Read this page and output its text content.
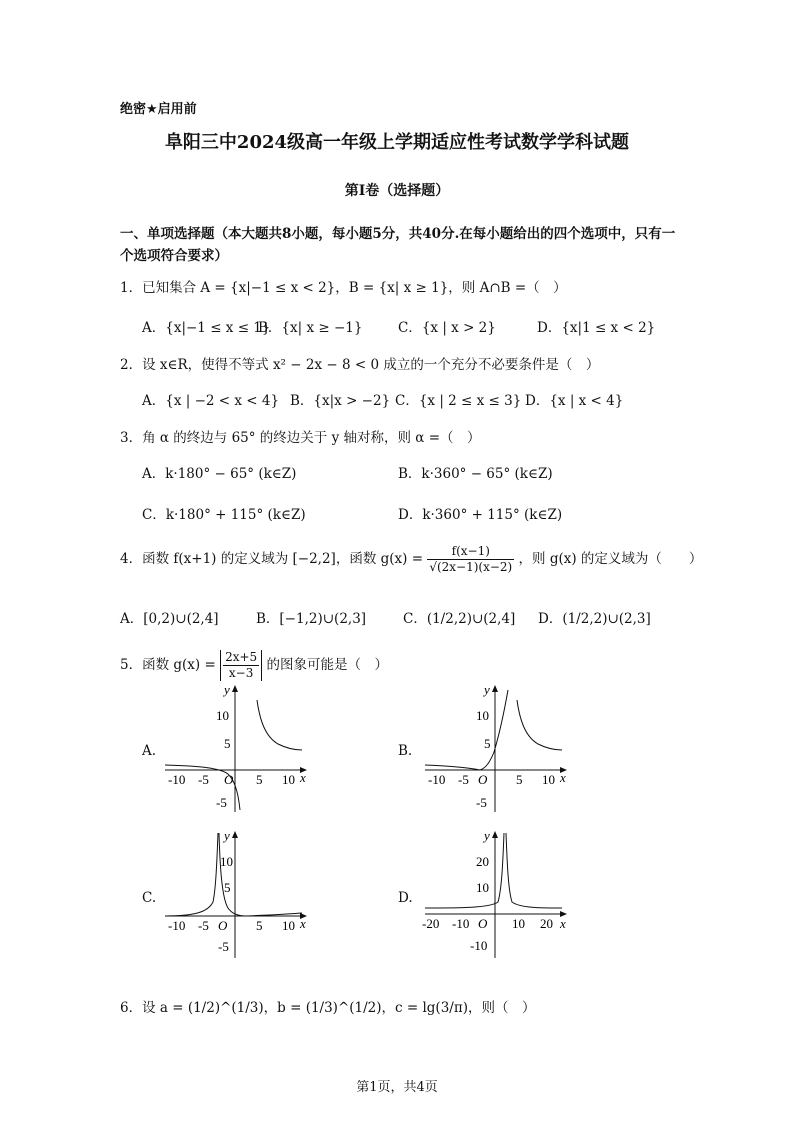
绝密★启用前
阜阳三中2024级高一年级上学期适应性考试数学学科试题
第I卷（选择题）
一、单项选择题（本大题共8小题，每小题5分，共40分.在每小题给出的四个选项中，只有一个选项符合要求）
1．已知集合 A = {x|−1 ≤ x < 2}，B = {x| x ≥ 1}，则 A∩B =（　）
A．{x|−1 ≤ x ≤ 1}
B．{x| x ≥ −1}	C．{x | x > 2}	D．{x|1 ≤ x < 2}
2．设 x∈R，使得不等式 x² − 2x − 8 < 0 成立的一个充分不必要条件是（　）
A．{x | −2 < x < 4} B．{x|x > −2} C．{x | 2 ≤ x ≤ 3} D．{x | x < 4}
3．角 α 的终边与 65° 的终边关于 y 轴对称，则 α =（　）
A．k·180° − 65° (k∈Z)	B．k·360° − 65° (k∈Z)
C．k·180° + 115° (k∈Z)	D．k·360° + 115° (k∈Z)
4．函数 f(x+1) 的定义域为 [−2,2]，函数 $g(x) = \frac{f(x-1)}{√(2x-1)(x-2)}$ ，则 g(x) 的定义域为（　　）
A．[0,2)∪(2,4]	B．[−1,2)∪(2,3]	C．(1/2,2)∪(2,4] D．(1/2,2)∪(2,3]
5．函数 $g(x) = \frac{2x+5}{x-3}$ 的图象可能是（　）
A.
x
y
O
10
5
-5
-10 -5	5 10
B.
x
y
O
10
5
-5
-10 -5	5 10
C.
x
y
O
10
5
-5
-10 -5	5 10
D.
x
y
O
20
10
-10
-20 -10	10 20
6．设 a = (1/2)^(1/3)，b = (1/3)^(1/2)，c = lg(3/π)，则（　）
第1页，共4页
